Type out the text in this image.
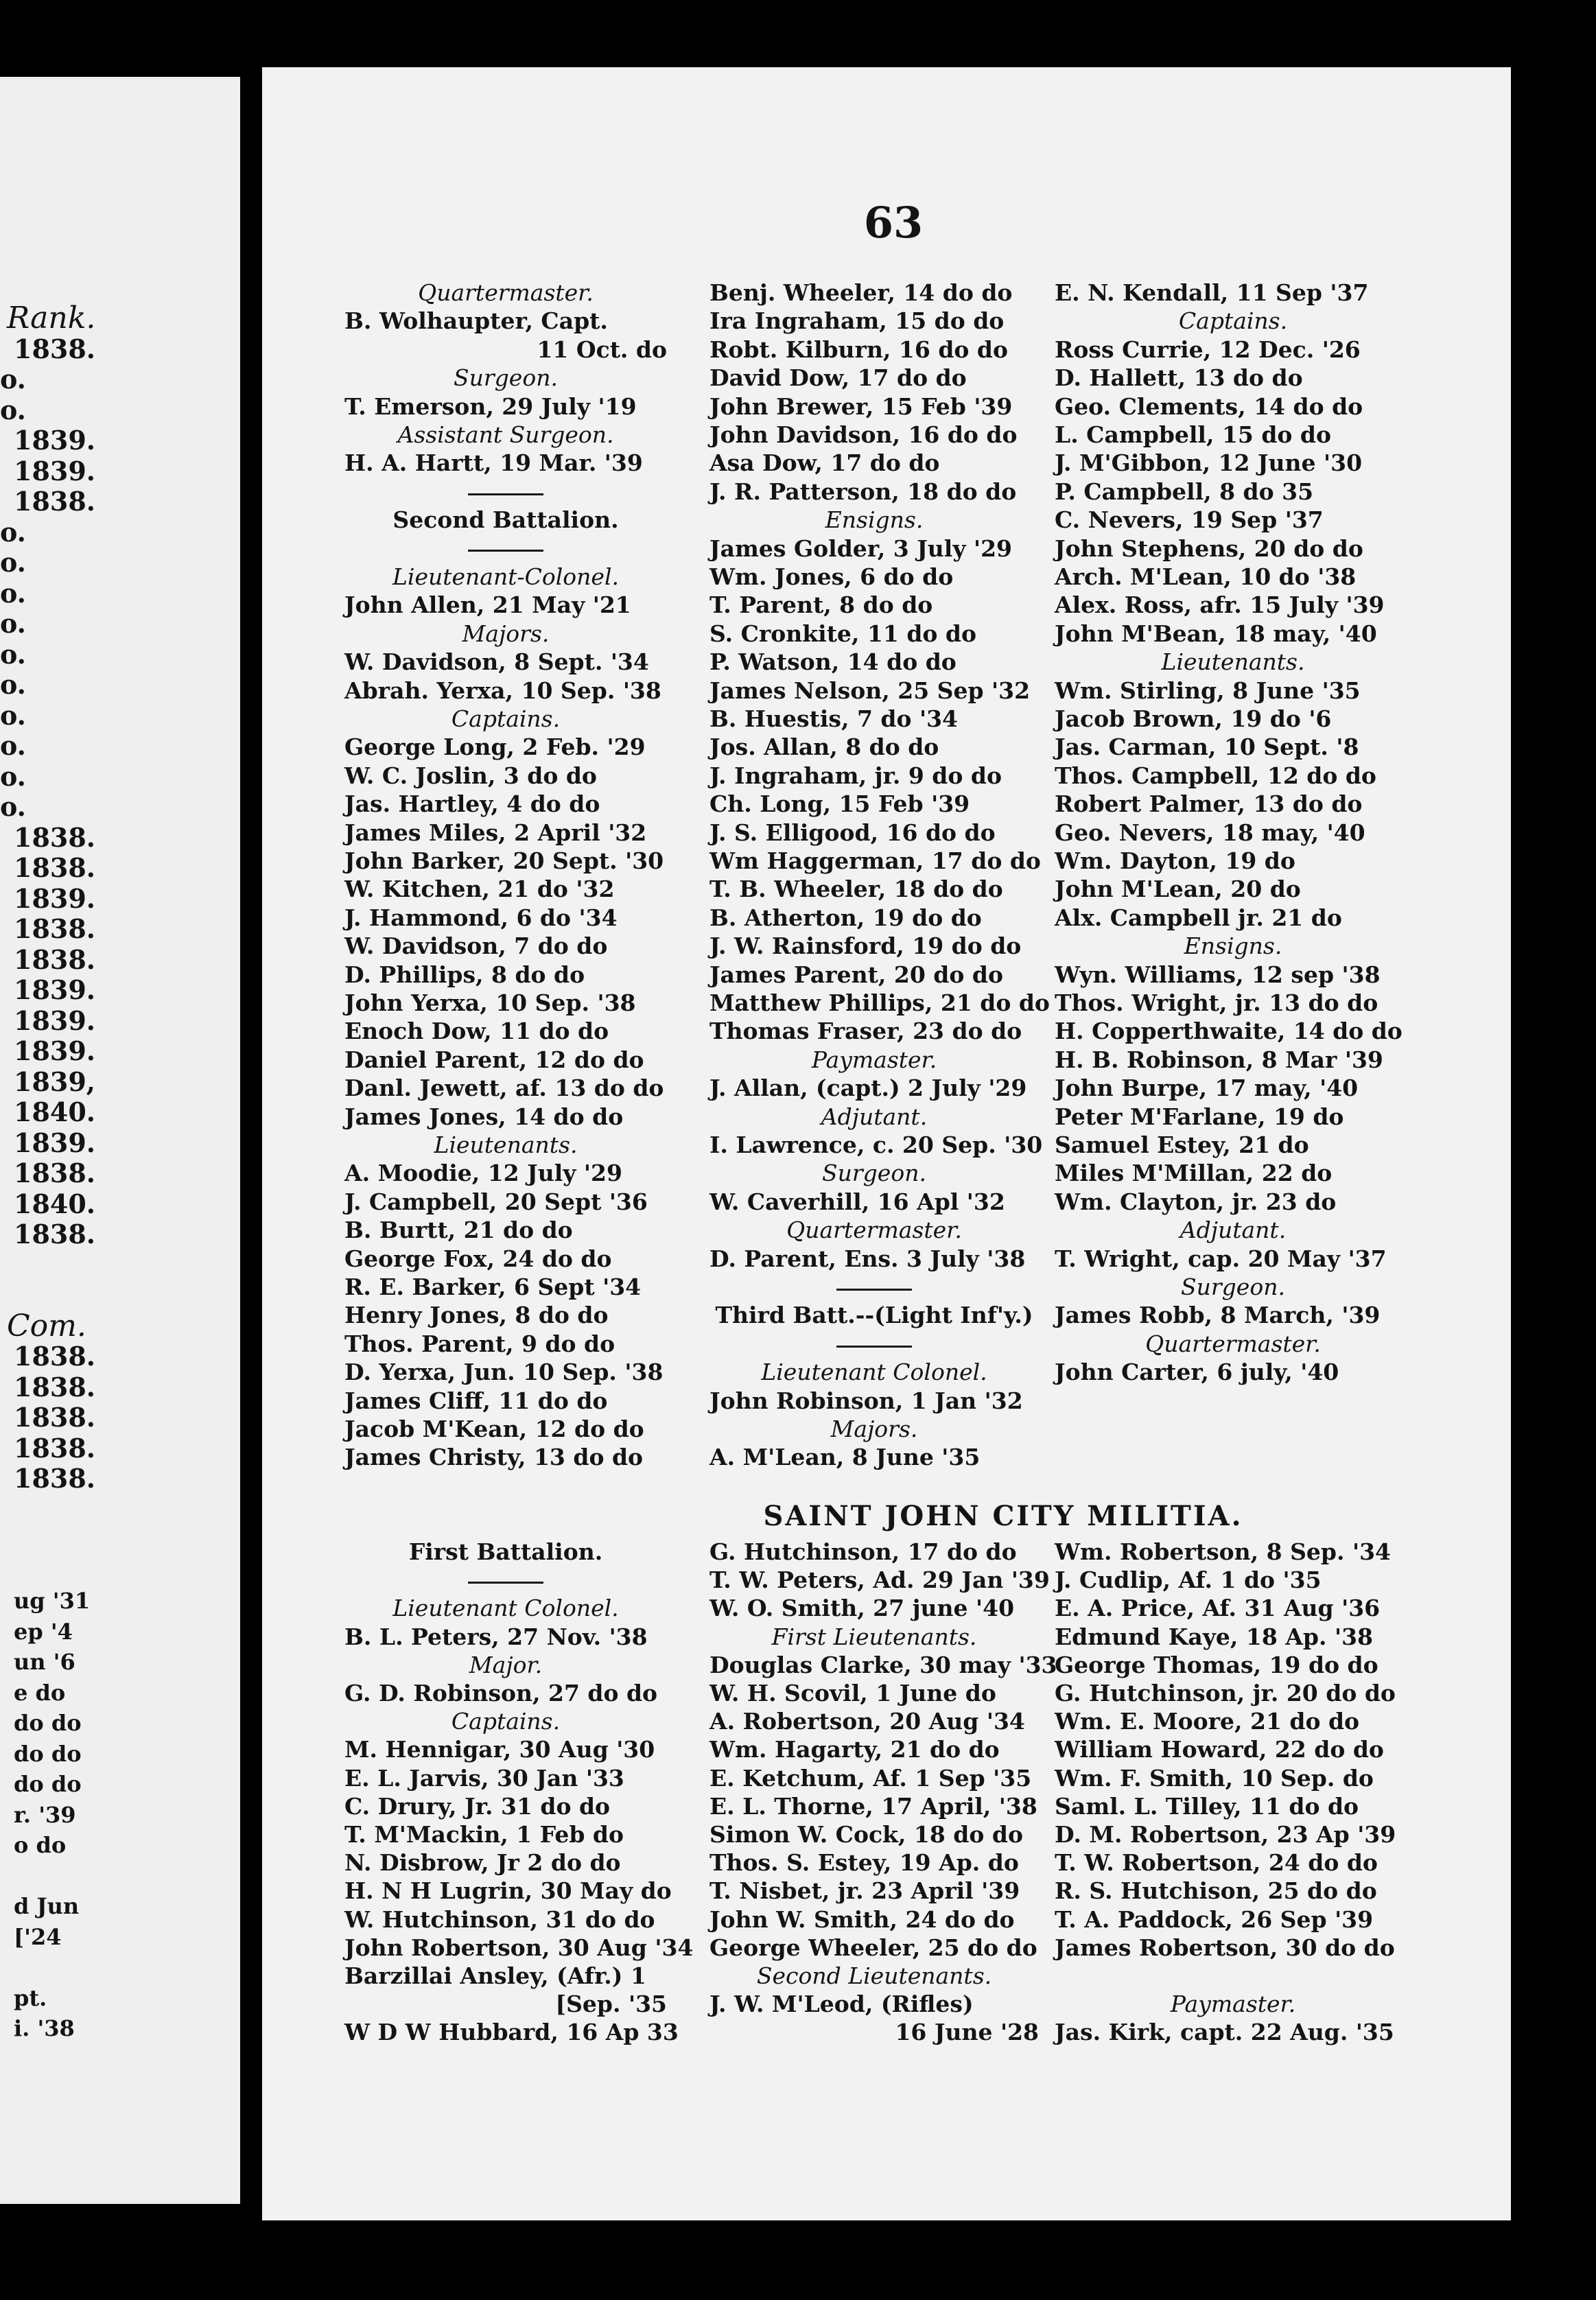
Rank.
1838.
o.
o.
1839.
1839.
1838.
o.
o.
o.
o.
o.
o.
o.
o.
o.
o.
1838.
1838.
1839.
1838.
1838.
1839.
1839.
1839.
1839,
1840.
1839.
1838.
1840.
1838.
Com.
1838.
1838.
1838.
1838.
1838.
ug '31
ep '4
un '6
e do
do do
do do
do do
r. '39
o do
d Jun
['24
pt.
i. '38
63
Quartermaster.
B. Wolhaupter, Capt.
11 Oct. do
Surgeon.
T. Emerson, 29 July '19
Assistant Surgeon.
H. A. Hartt, 19 Mar. '39
Second Battalion.
Lieutenant-Colonel.
John Allen, 21 May '21
Majors.
W. Davidson, 8 Sept. '34
Abrah. Yerxa, 10 Sep. '38
Captains.
George Long, 2 Feb. '29
W. C. Joslin, 3 do do
Jas. Hartley, 4 do do
James Miles, 2 April '32
John Barker, 20 Sept. '30
W. Kitchen, 21 do '32
J. Hammond, 6 do '34
W. Davidson, 7 do do
D. Phillips, 8 do do
John Yerxa, 10 Sep. '38
Enoch Dow, 11 do do
Daniel Parent, 12 do do
Danl. Jewett, af. 13 do do
James Jones, 14 do do
Lieutenants.
A. Moodie, 12 July '29
J. Campbell, 20 Sept '36
B. Burtt, 21 do do
George Fox, 24 do do
R. E. Barker, 6 Sept '34
Henry Jones, 8 do do
Thos. Parent, 9 do do
D. Yerxa, Jun. 10 Sep. '38
James Cliff, 11 do do
Jacob M'Kean, 12 do do
James Christy, 13 do do
Benj. Wheeler, 14 do do
Ira Ingraham, 15 do do
Robt. Kilburn, 16 do do
David Dow, 17 do do
John Brewer, 15 Feb '39
John Davidson, 16 do do
Asa Dow, 17 do do
J. R. Patterson, 18 do do
Ensigns.
James Golder, 3 July '29
Wm. Jones, 6 do do
T. Parent, 8 do do
S. Cronkite, 11 do do
P. Watson, 14 do do
James Nelson, 25 Sep '32
B. Huestis, 7 do '34
Jos. Allan, 8 do do
J. Ingraham, jr. 9 do do
Ch. Long, 15 Feb '39
J. S. Elligood, 16 do do
Wm Haggerman, 17 do do
T. B. Wheeler, 18 do do
B. Atherton, 19 do do
J. W. Rainsford, 19 do do
James Parent, 20 do do
Matthew Phillips, 21 do do
Thomas Fraser, 23 do do
Paymaster.
J. Allan, (capt.) 2 July '29
Adjutant.
I. Lawrence, c. 20 Sep. '30
Surgeon.
W. Caverhill, 16 Apl '32
Quartermaster.
D. Parent, Ens. 3 July '38
Third Batt.--(Light Inf'y.)
Lieutenant Colonel.
John Robinson, 1 Jan '32
Majors.
A. M'Lean, 8 June '35
E. N. Kendall, 11 Sep '37
Captains.
Ross Currie, 12 Dec. '26
D. Hallett, 13 do do
Geo. Clements, 14 do do
L. Campbell, 15 do do
J. M'Gibbon, 12 June '30
P. Campbell, 8 do 35
C. Nevers, 19 Sep '37
John Stephens, 20 do do
Arch. M'Lean, 10 do '38
Alex. Ross, afr. 15 July '39
John M'Bean, 18 may, '40
Lieutenants.
Wm. Stirling, 8 June '35
Jacob Brown, 19 do '6
Jas. Carman, 10 Sept. '8
Thos. Campbell, 12 do do
Robert Palmer, 13 do do
Geo. Nevers, 18 may, '40
Wm. Dayton, 19 do
John M'Lean, 20 do
Alx. Campbell jr. 21 do
Ensigns.
Wyn. Williams, 12 sep '38
Thos. Wright, jr. 13 do do
H. Copperthwaite, 14 do do
H. B. Robinson, 8 Mar '39
John Burpe, 17 may, '40
Peter M'Farlane, 19 do
Samuel Estey, 21 do
Miles M'Millan, 22 do
Wm. Clayton, jr. 23 do
Adjutant.
T. Wright, cap. 20 May '37
Surgeon.
James Robb, 8 March, '39
Quartermaster.
John Carter, 6 july, '40
SAINT JOHN CITY MILITIA.
First Battalion.
Lieutenant Colonel.
B. L. Peters, 27 Nov. '38
Major.
G. D. Robinson, 27 do do
Captains.
M. Hennigar, 30 Aug '30
E. L. Jarvis, 30 Jan '33
C. Drury, Jr. 31 do do
T. M'Mackin, 1 Feb do
N. Disbrow, Jr 2 do do
H. N H Lugrin, 30 May do
W. Hutchinson, 31 do do
John Robertson, 30 Aug '34
Barzillai Ansley, (Afr.) 1
[Sep. '35
W D W Hubbard, 16 Ap 33
G. Hutchinson, 17 do do
T. W. Peters, Ad. 29 Jan '39
W. O. Smith, 27 june '40
First Lieutenants.
Douglas Clarke, 30 may '33
W. H. Scovil, 1 June do
A. Robertson, 20 Aug '34
Wm. Hagarty, 21 do do
E. Ketchum, Af. 1 Sep '35
E. L. Thorne, 17 April, '38
Simon W. Cock, 18 do do
Thos. S. Estey, 19 Ap. do
T. Nisbet, jr. 23 April '39
John W. Smith, 24 do do
George Wheeler, 25 do do
Second Lieutenants.
J. W. M'Leod, (Rifles)
16 June '28
Wm. Robertson, 8 Sep. '34
J. Cudlip, Af. 1 do '35
E. A. Price, Af. 31 Aug '36
Edmund Kaye, 18 Ap. '38
George Thomas, 19 do do
G. Hutchinson, jr. 20 do do
Wm. E. Moore, 21 do do
William Howard, 22 do do
Wm. F. Smith, 10 Sep. do
Saml. L. Tilley, 11 do do
D. M. Robertson, 23 Ap '39
T. W. Robertson, 24 do do
R. S. Hutchison, 25 do do
T. A. Paddock, 26 Sep '39
James Robertson, 30 do do
Paymaster.
Jas. Kirk, capt. 22 Aug. '35
